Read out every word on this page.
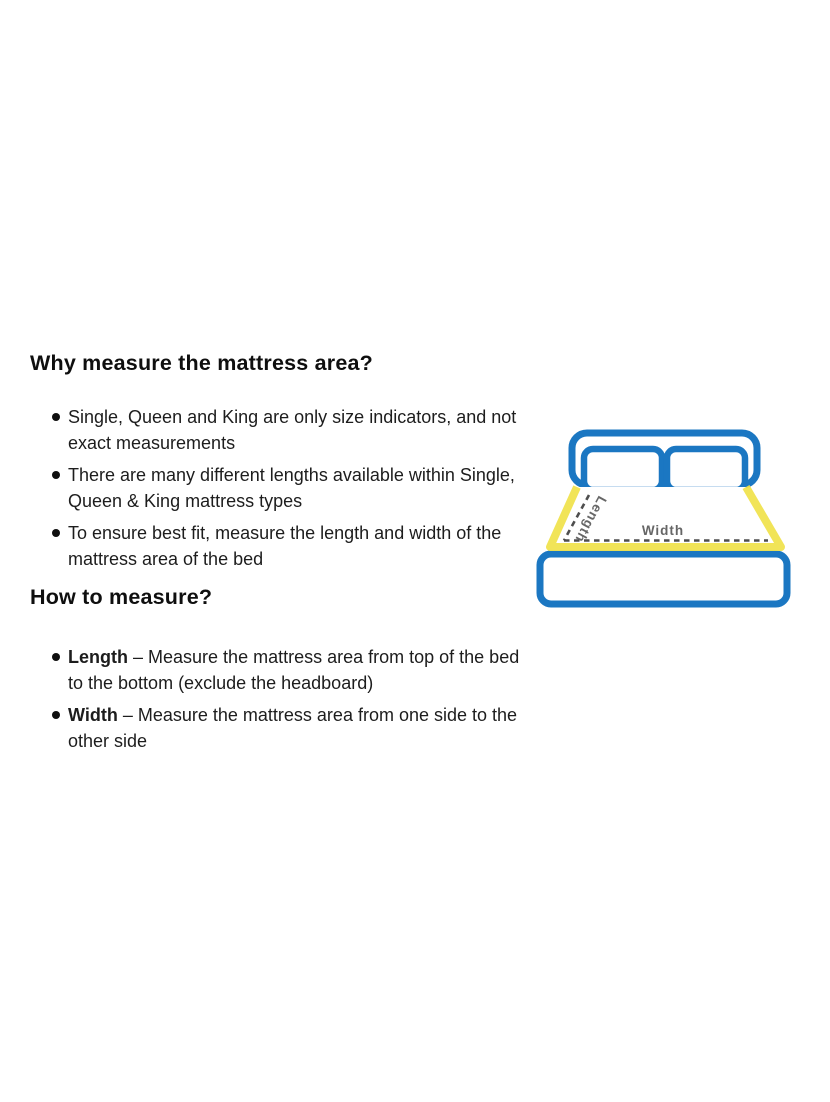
Why measure the mattress area?
Single, Queen and King are only size indicators, and not exact measurements
There are many different lengths available within Single, Queen & King mattress types
To ensure best fit, measure the length and width of the mattress area of the bed
How to measure?
Length – Measure the mattress area from top of the bed to the bottom (exclude the headboard)
Width – Measure the mattress area from one side to the other side
Length Width
